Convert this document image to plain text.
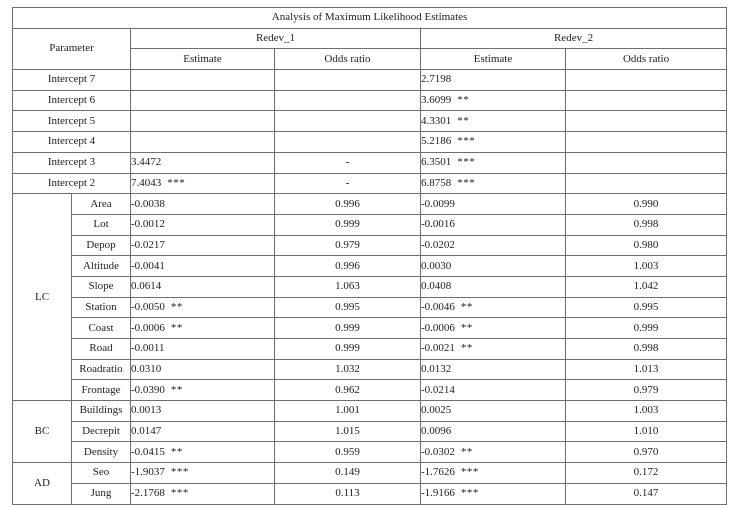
Analysis of Maximum Likelihood Estimates					
Parameter		Redev_1		Redev_2	
		Estimate	Odds ratio	Estimate	Odds ratio
Intercept 7				2.7198	
Intercept 6				3.6099 **	
Intercept 5				4.3301 **	
Intercept 4				5.2186 ***	
Intercept 3		3.4472	-	6.3501 ***	
Intercept 2		7.4043 ***	-	6.8758 ***	
LC	Area	-0.0038	0.996	-0.0099	0.990
	Lot	-0.0012	0.999	-0.0016	0.998
	Depop	-0.0217	0.979	-0.0202	0.980
	Altitude	-0.0041	0.996	0.0030	1.003
	Slope	0.0614	1.063	0.0408	1.042
	Station	-0.0050 **	0.995	-0.0046 **	0.995
	Coast	-0.0006 **	0.999	-0.0006 **	0.999
	Road	-0.0011	0.999	-0.0021 **	0.998
	Roadratio	0.0310	1.032	0.0132	1.013
	Frontage	-0.0390 **	0.962	-0.0214	0.979
BC	Buildings	0.0013	1.001	0.0025	1.003
	Decrepit	0.0147	1.015	0.0096	1.010
	Density	-0.0415 **	0.959	-0.0302 **	0.970
AD	Seo	-1.9037 ***	0.149	-1.7626 ***	0.172
	Jung	-2.1768 ***	0.113	-1.9166 ***	0.147
